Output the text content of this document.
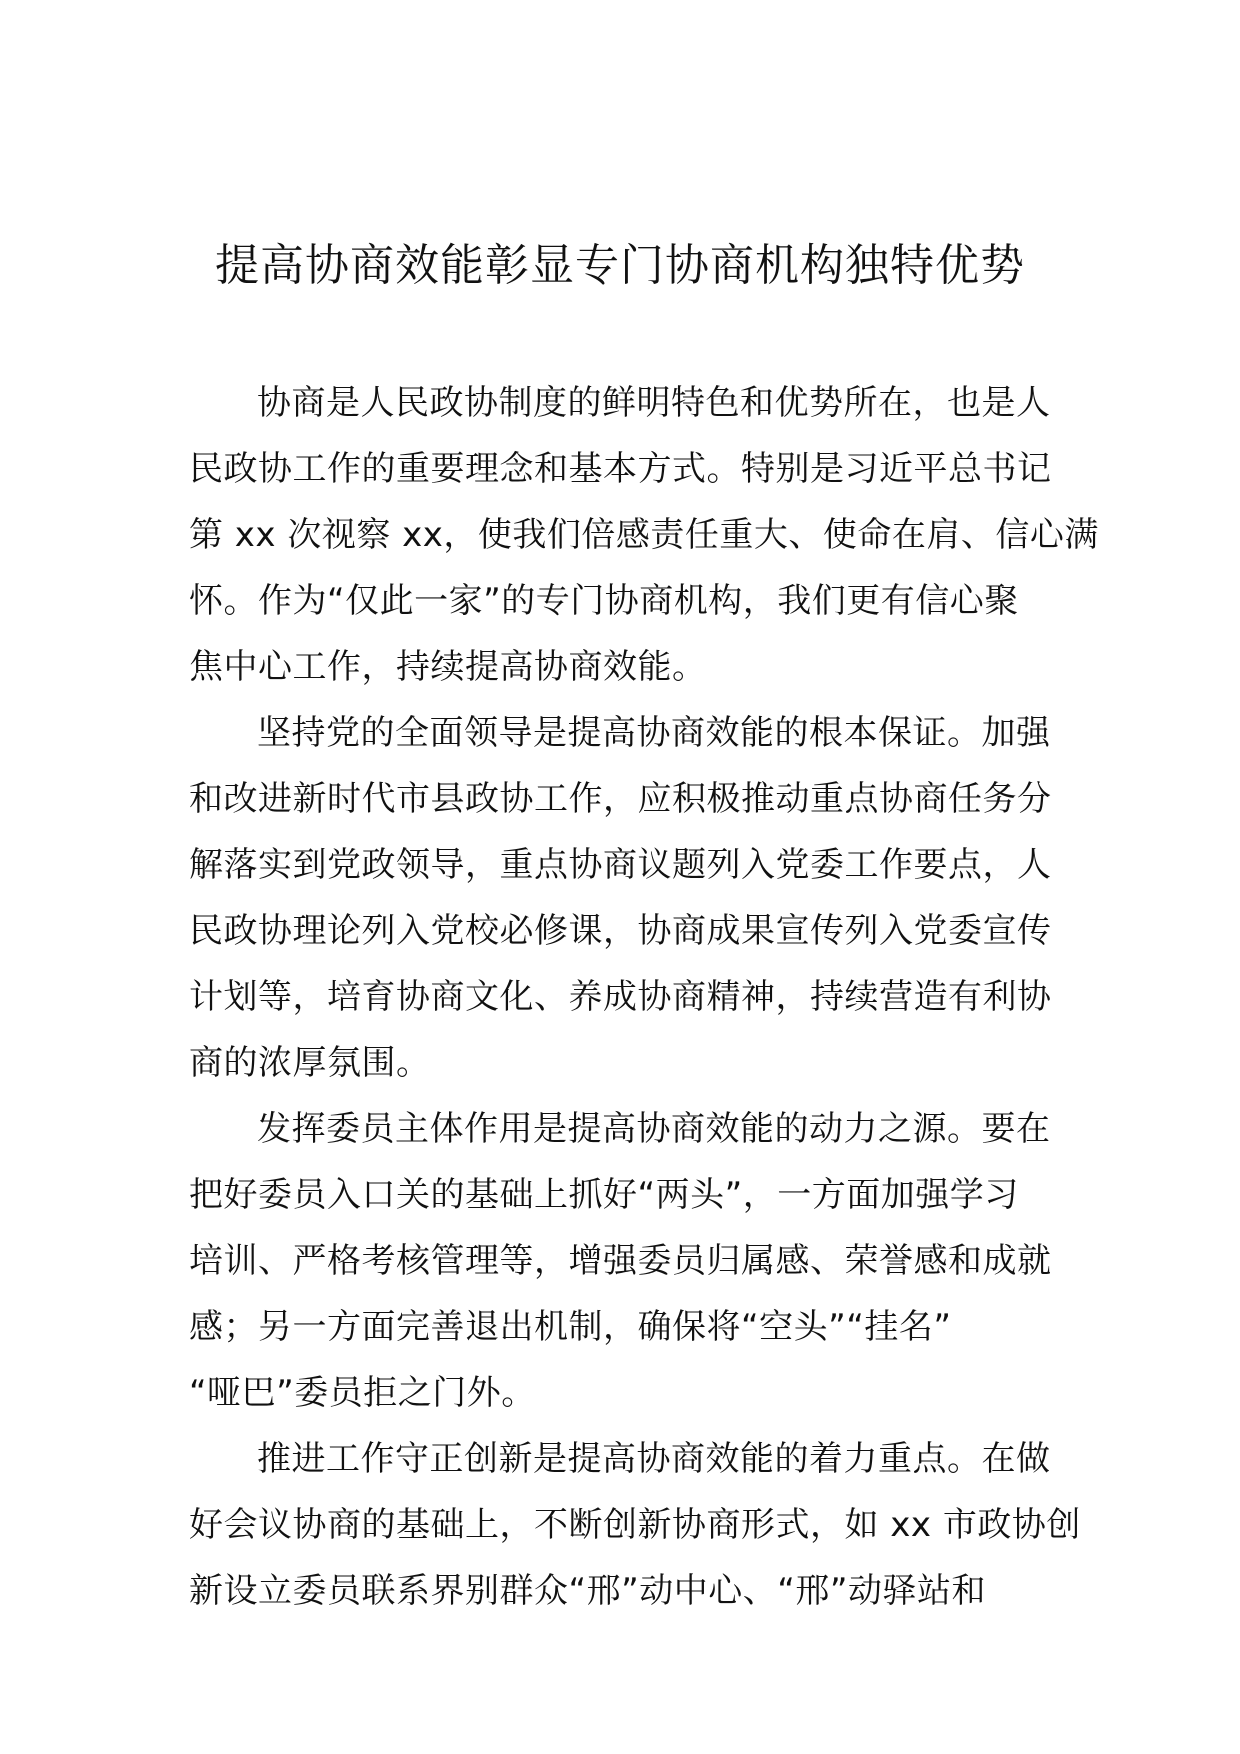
提高协商效能彰显专门协商机构独特优势
协商是人民政协制度的鲜明特色和优势所在，也是人
民政协工作的重要理念和基本方式。特别是习近平总书记
第 xx 次视察 xx，使我们倍感责任重大、使命在肩、信心满
怀。作为“仅此一家”的专门协商机构，我们更有信心聚
焦中心工作，持续提高协商效能。
坚持党的全面领导是提高协商效能的根本保证。加强
和改进新时代市县政协工作，应积极推动重点协商任务分
解落实到党政领导，重点协商议题列入党委工作要点，人
民政协理论列入党校必修课，协商成果宣传列入党委宣传
计划等，培育协商文化、养成协商精神，持续营造有利协
商的浓厚氛围。
发挥委员主体作用是提高协商效能的动力之源。要在
把好委员入口关的基础上抓好“两头”，一方面加强学习
培训、严格考核管理等，增强委员归属感、荣誉感和成就
感；另一方面完善退出机制，确保将“空头”“挂名”
“哑巴”委员拒之门外。
推进工作守正创新是提高协商效能的着力重点。在做
好会议协商的基础上，不断创新协商形式，如 xx 市政协创
新设立委员联系界别群众“邢”动中心、“邢”动驿站和
